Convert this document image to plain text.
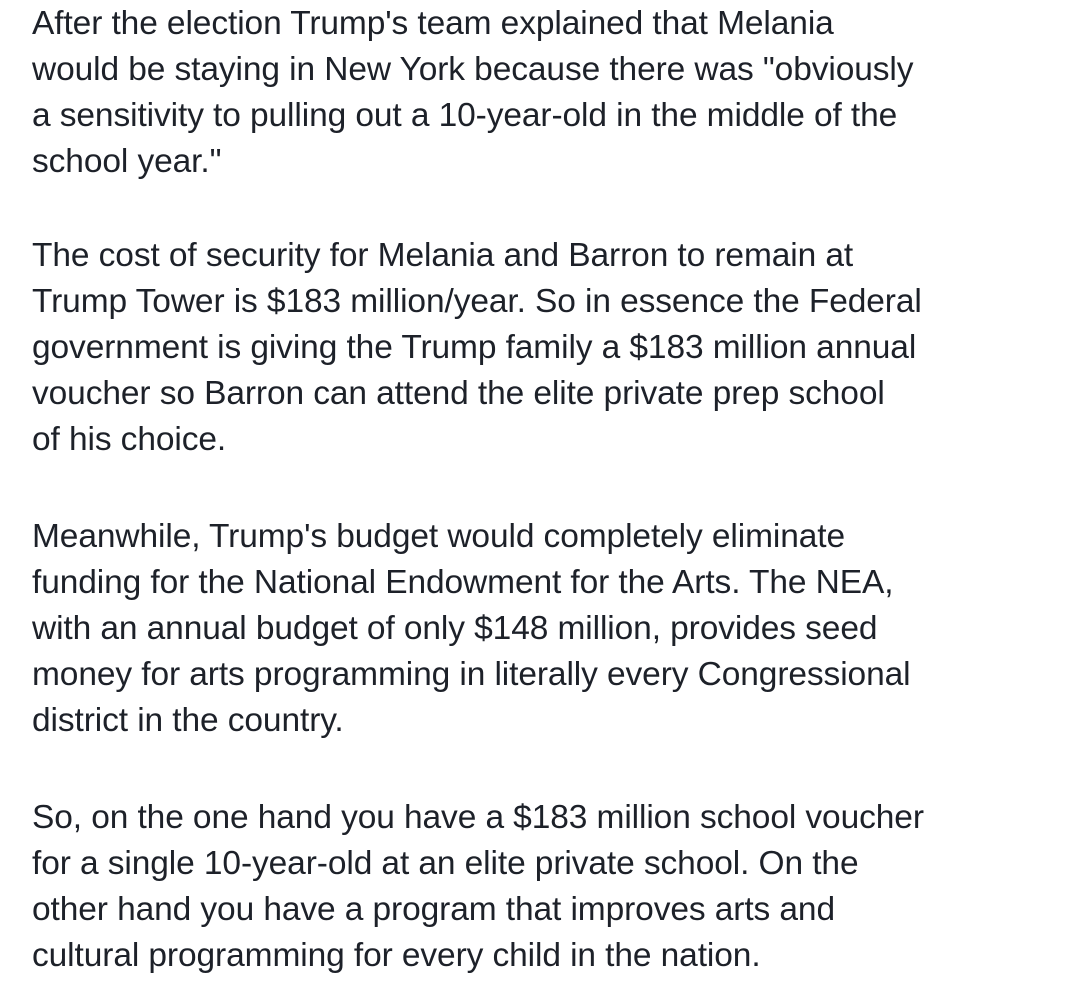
After the election Trump's team explained that Melania
would be staying in New York because there was "obviously
a sensitivity to pulling out a 10-year-old in the middle of the
school year."

The cost of security for Melania and Barron to remain at
Trump Tower is $183 million/year. So in essence the Federal
government is giving the Trump family a $183 million annual
voucher so Barron can attend the elite private prep school
of his choice.

Meanwhile, Trump's budget would completely eliminate
funding for the National Endowment for the Arts. The NEA,
with an annual budget of only $148 million, provides seed
money for arts programming in literally every Congressional
district in the country.

So, on the one hand you have a $183 million school voucher
for a single 10-year-old at an elite private school. On the
other hand you have a program that improves arts and
cultural programming for every child in the nation.
